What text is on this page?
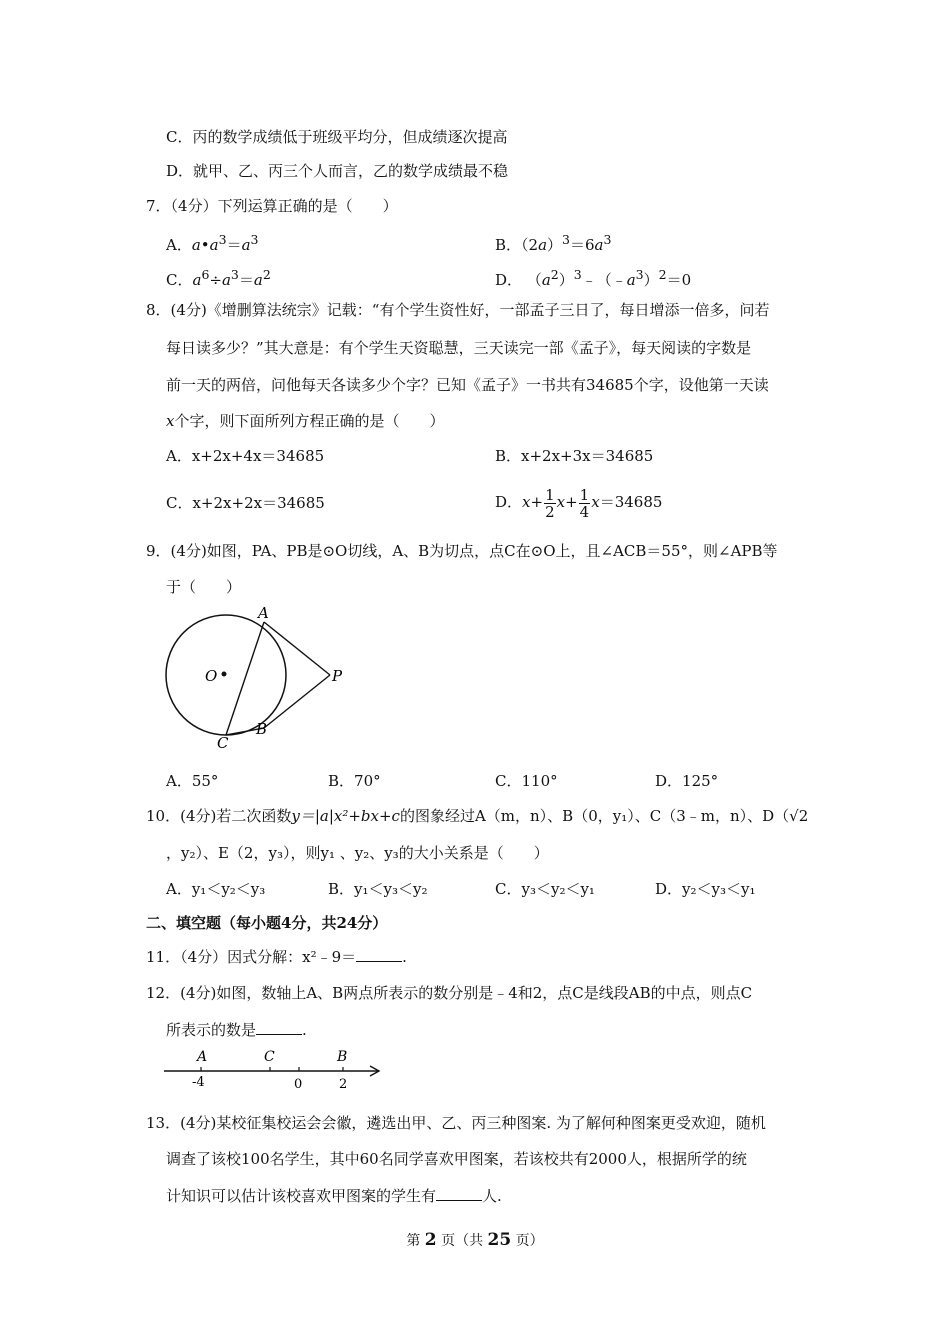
C．丙的数学成绩低于班级平均分，但成绩逐次提高
D．就甲、乙、丙三个人而言，乙的数学成绩最不稳
7．（4分）下列运算正确的是（　　）
A．$a•a^3=a^3$	B．$(2a)^3=6a^3$
C．$a^6\div a^3=a^2$	D． $(a^2)^3﹣(﹣a^3)^2=0$
8．(4分)《增删算法统宗》记载：“有个学生资性好，一部孟子三日了，每日增添一倍多，问若
每日读多少？”其大意是：有个学生天资聪慧，三天读完一部《孟子》，每天阅读的字数是
前一天的两倍，问他每天各读多少个字？已知《孟子》一书共有34685个字，设他第一天读
x个字，则下面所列方程正确的是（　　）
A．x+2x+4x＝34685	B．x+2x+3x＝34685
C．x+2x+2x＝34685	D．$x+ \frac{1}{2} x+ \frac{1}{4} x=34685$
9．(4分)如图，PA、PB是⊙O切线，A、B为切点，点C在⊙O上，且∠ACB＝55°，则∠APB等
于（　　）
O
A
P
B
C
A．55°	B．70°	C．110°	D．125°
10．(4分)若二次函数y＝|a|x²+bx+c的图象经过A（m，n）、B（0，y₁）、C（3﹣m，n）、D（√2
，y₂）、E（2，y₃），则y₁ 、y₂、y₃的大小关系是（　　）
A．y₁＜y₂＜y₃	B．y₁＜y₃＜y₂	C．y₃＜y₂＜y₁	D．y₂＜y₃＜y₁
二、填空题（每小题4分，共24分）
11．（4分）因式分解：x²﹣9＝	.
12．(4分)如图，数轴上A、B两点所表示的数分别是﹣4和2，点C是线段AB的中点，则点C
所表示的数是	.
A	C	B
-4	0	2
13．(4分)某校征集校运会会徽，遴选出甲、乙、丙三种图案. 为了解何种图案更受欢迎，随机
调查了该校100名学生，其中60名同学喜欢甲图案，若该校共有2000人，根据所学的统
计知识可以估计该校喜欢甲图案的学生有	人.
第 2 页（共 25 页）
